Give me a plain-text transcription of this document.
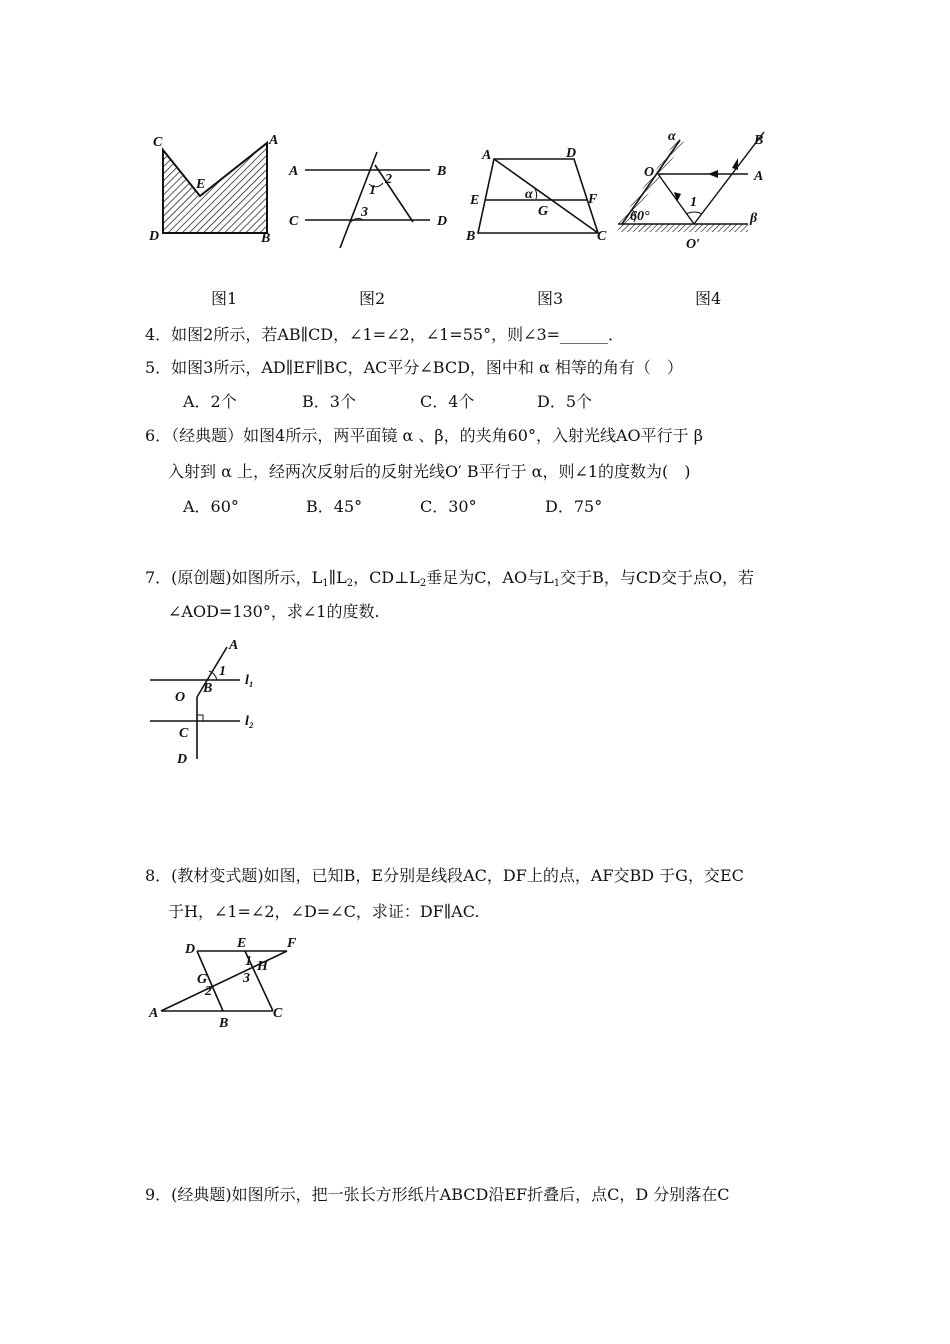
C	A
E
D	B
图1
A	B
C	D
1
2
3
图2
A	D
E	F
G
α
B	C
图3
α	B
O	A
1
60°
O′
β
图4
4．如图2所示，若AB∥CD，∠1=∠2，∠1=55°，则∠3=______．
5．如图3所示，AD∥EF∥BC，AC平分∠BCD，图中和 α 相等的角有（　）
A．2个	B．3个	C．4个	D．5个
6．（经典题）如图4所示，两平面镜 α 、β，的夹角60°，入射光线AO平行于 β
入射到 α 上，经两次反射后的反射光线O′ B平行于 α，则∠1的度数为(　)
A．60°	B．45°	C．30°	D．75°
7．(原创题)如图所示，$L_1\parallel L_2$，$CD\perp L_2$垂足为C，AO与$L_1$交于B，与CD交于点O，若
∠AOD=130°，求∠1的度数.
A
1
B
l₁
O
l₂
C
D
8．(教材变式题)如图，已知B，E分别是线段AC，DF上的点，AF交BD 于G，交EC
于H，∠1=∠2，∠D=∠C，求证：DF∥AC.
D	E	F
1 H
3
G
2
A
B
C
9．(经典题)如图所示，把一张长方形纸片ABCD沿EF折叠后，点C，D 分别落在C
